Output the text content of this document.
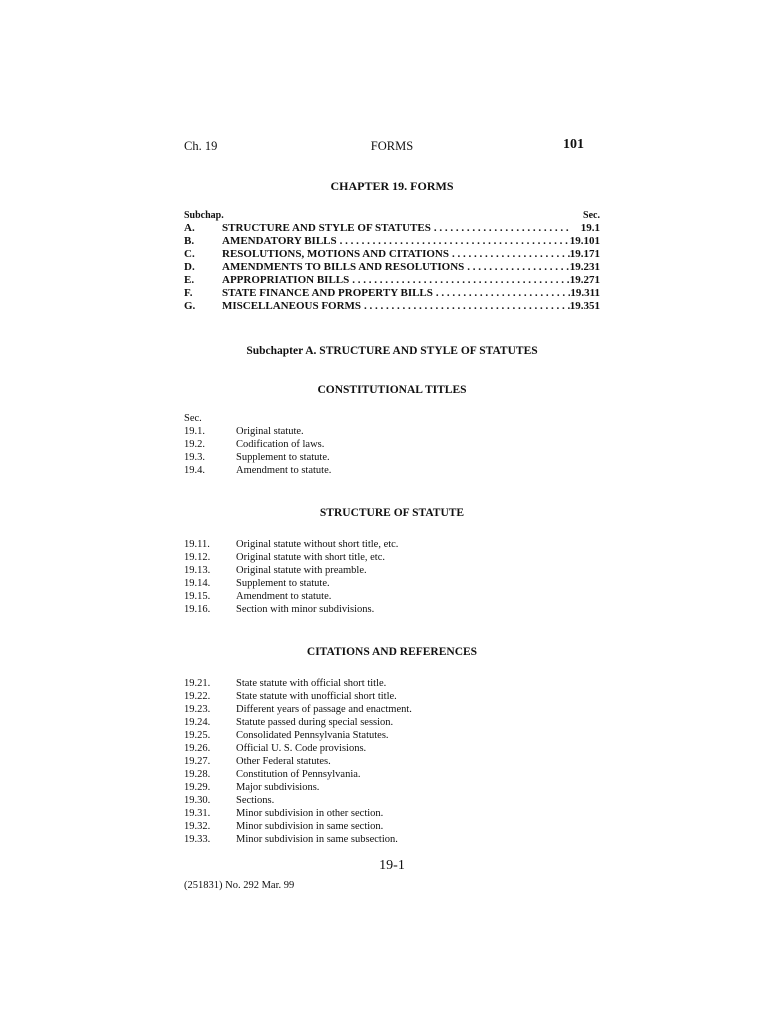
Ch. 19	FORMS	101
CHAPTER 19. FORMS
Subchap.	Sec.
A.	STRUCTURE AND STYLE OF STATUTES . . .	19.1
B.	AMENDATORY BILLS . . .	19.101
C.	RESOLUTIONS, MOTIONS AND CITATIONS . . .	19.171
D.	AMENDMENTS TO BILLS AND RESOLUTIONS . . .	19.231
E.	APPROPRIATION BILLS . . .	19.271
F.	STATE FINANCE AND PROPERTY BILLS . . .	19.311
G.	MISCELLANEOUS FORMS . . .	19.351
Subchapter A. STRUCTURE AND STYLE OF STATUTES
CONSTITUTIONAL TITLES
Sec.
19.1.	Original statute.
19.2.	Codification of laws.
19.3.	Supplement to statute.
19.4.	Amendment to statute.
STRUCTURE OF STATUTE
19.11.	Original statute without short title, etc.
19.12.	Original statute with short title, etc.
19.13.	Original statute with preamble.
19.14.	Supplement to statute.
19.15.	Amendment to statute.
19.16.	Section with minor subdivisions.
CITATIONS AND REFERENCES
19.21.	State statute with official short title.
19.22.	State statute with unofficial short title.
19.23.	Different years of passage and enactment.
19.24.	Statute passed during special session.
19.25.	Consolidated Pennsylvania Statutes.
19.26.	Official U. S. Code provisions.
19.27.	Other Federal statutes.
19.28.	Constitution of Pennsylvania.
19.29.	Major subdivisions.
19.30.	Sections.
19.31.	Minor subdivision in other section.
19.32.	Minor subdivision in same section.
19.33.	Minor subdivision in same subsection.
19-1
(251831) No. 292 Mar. 99
